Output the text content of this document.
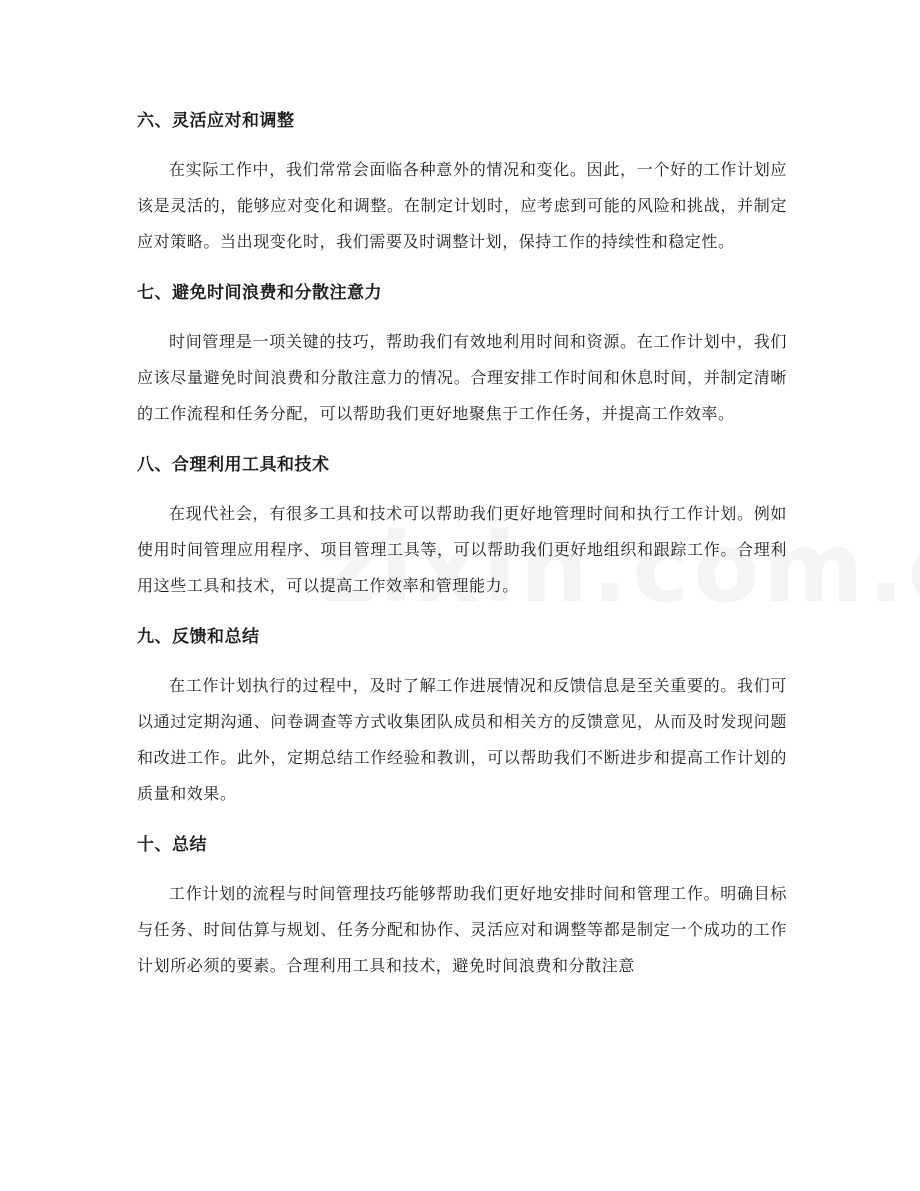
六、灵活应对和调整

在实际工作中，我们常常会面临各种意外的情况和变化。因此，一个好的工作计划应该是灵活的，能够应对变化和调整。在制定计划时，应考虑到可能的风险和挑战，并制定应对策略。当出现变化时，我们需要及时调整计划，保持工作的持续性和稳定性。

七、避免时间浪费和分散注意力

时间管理是一项关键的技巧，帮助我们有效地利用时间和资源。在工作计划中，我们应该尽量避免时间浪费和分散注意力的情况。合理安排工作时间和休息时间，并制定清晰的工作流程和任务分配，可以帮助我们更好地聚焦于工作任务，并提高工作效率。

八、合理利用工具和技术

在现代社会，有很多工具和技术可以帮助我们更好地管理时间和执行工作计划。例如使用时间管理应用程序、项目管理工具等，可以帮助我们更好地组织和跟踪工作。合理利用这些工具和技术，可以提高工作效率和管理能力。

九、反馈和总结

在工作计划执行的过程中，及时了解工作进展情况和反馈信息是至关重要的。我们可以通过定期沟通、问卷调查等方式收集团队成员和相关方的反馈意见，从而及时发现问题和改进工作。此外，定期总结工作经验和教训，可以帮助我们不断进步和提高工作计划的质量和效果。

十、总结

工作计划的流程与时间管理技巧能够帮助我们更好地安排时间和管理工作。明确目标与任务、时间估算与规划、任务分配和协作、灵活应对和调整等都是制定一个成功的工作计划所必须的要素。合理利用工具和技术，避免时间浪费和分散注意
